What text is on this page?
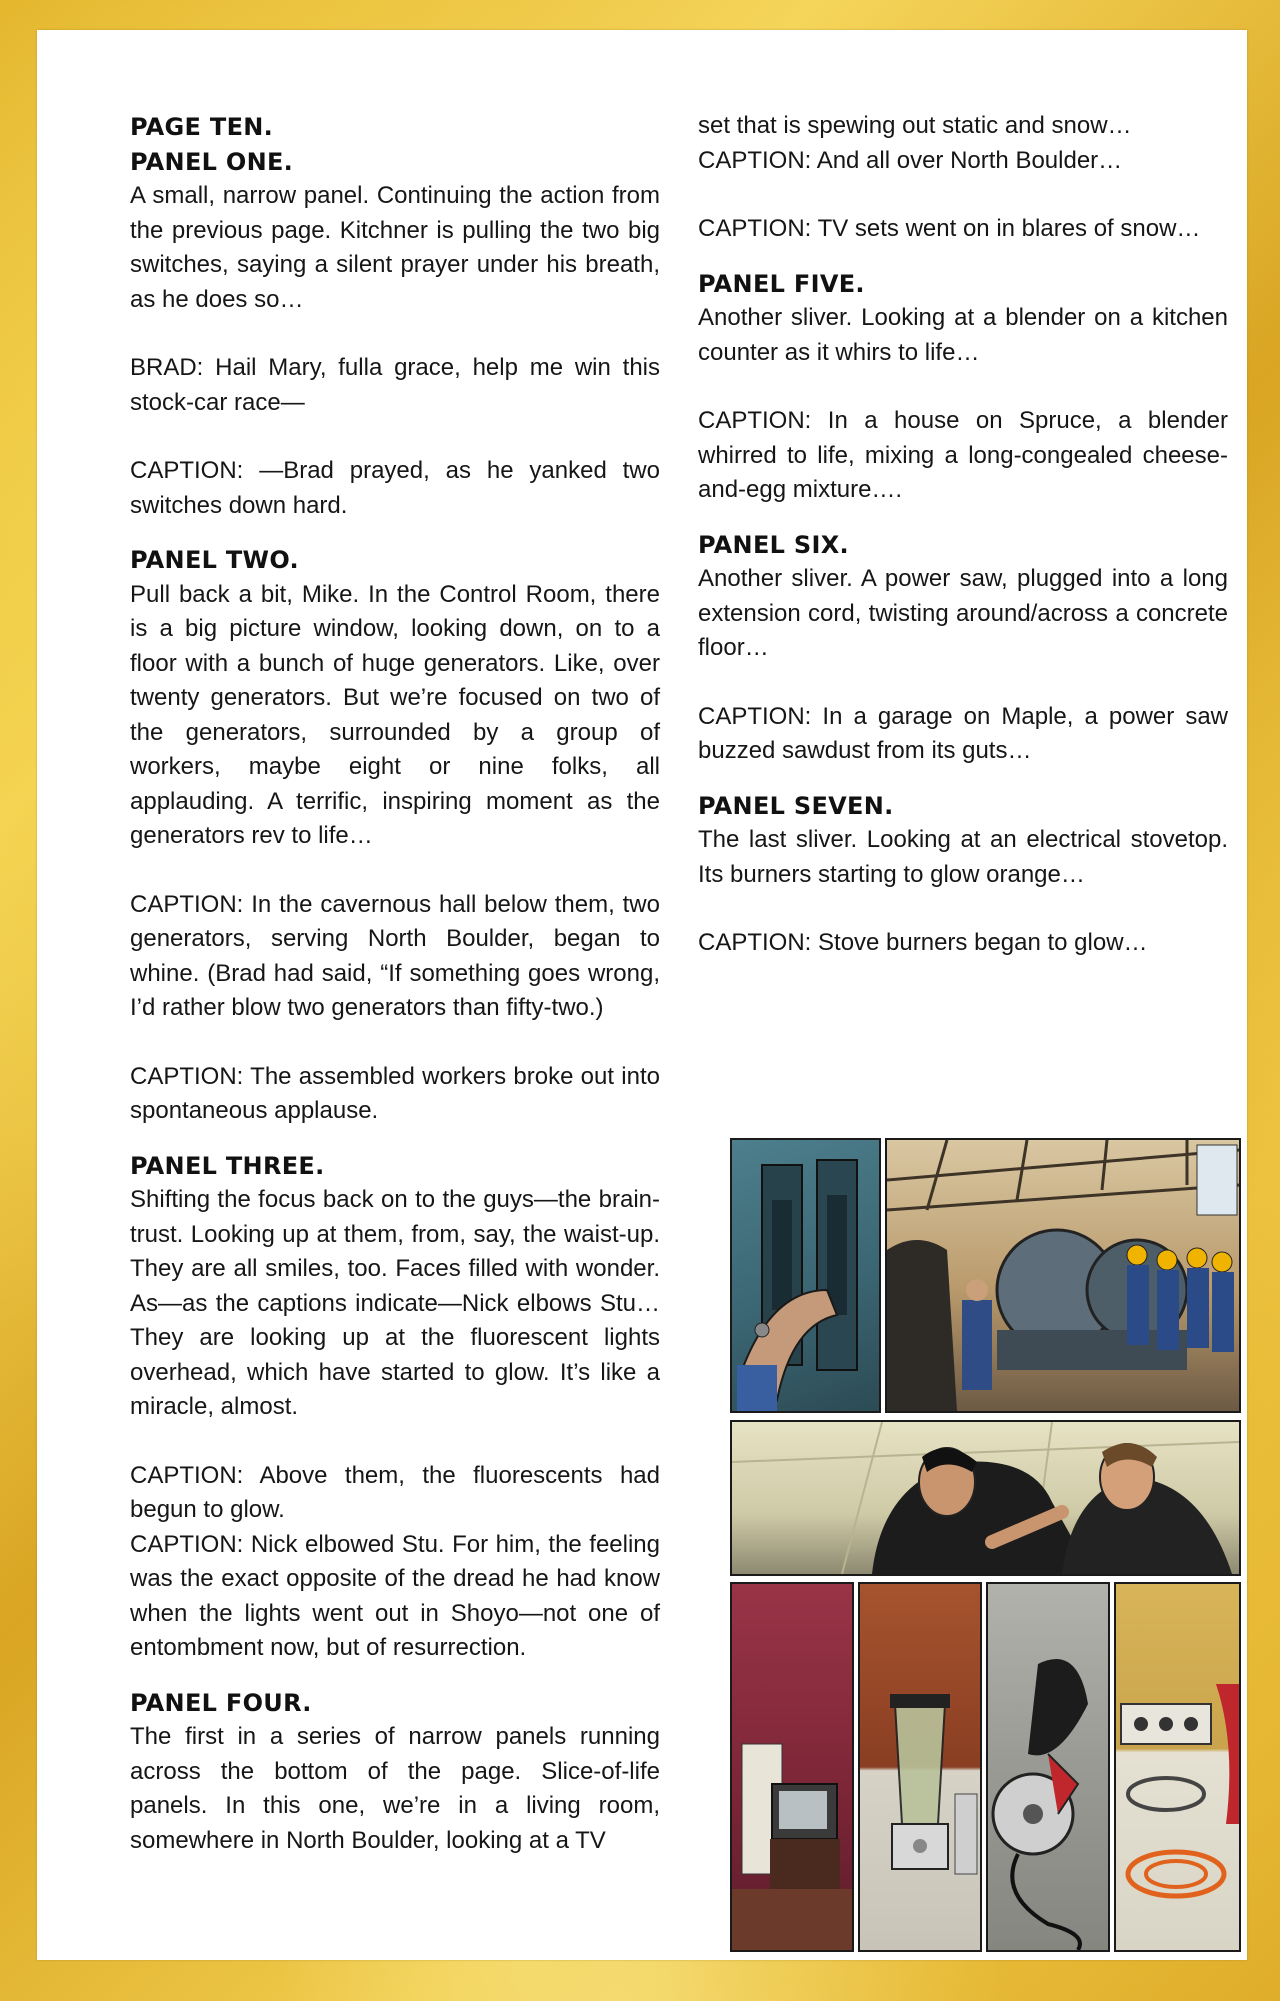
PAGE TEN.
PANEL ONE.

A small, narrow panel. Continuing the action from the previous page. Kitchner is pulling the two big switches, saying a silent prayer under his breath, as he does so…

BRAD: Hail Mary, fulla grace, help me win this stock-car race—

CAPTION: —Brad prayed, as he yanked two switches down hard.

PANEL TWO.

Pull back a bit, Mike. In the Control Room, there is a big picture window, looking down, on to a floor with a bunch of huge generators. Like, over twenty generators. But we’re focused on two of the generators, surrounded by a group of workers, maybe eight or nine folks, all applauding. A terrific, inspiring moment as the generators rev to life…

CAPTION: In the cavernous hall below them, two generators, serving North Boulder, began to whine. (Brad had said, “If something goes wrong, I’d rather blow two generators than fifty-two.)

CAPTION: The assembled workers broke out into spontaneous applause.

PANEL THREE.

Shifting the focus back on to the guys—the brain-trust. Looking up at them, from, say, the waist-up. They are all smiles, too. Faces filled with wonder. As—as the captions indicate—Nick elbows Stu… They are looking up at the fluorescent lights overhead, which have started to glow. It’s like a miracle, almost.

CAPTION: Above them, the fluorescents had begun to glow.

CAPTION: Nick elbowed Stu. For him, the feeling was the exact opposite of the dread he had know when the lights went out in Shoyo—not one of entombment now, but of resurrection.

PANEL FOUR.

The first in a series of narrow panels running across the bottom of the page. Slice-of-life panels. In this one, we’re in a living room, somewhere in North Boulder, looking at a TV

set that is spewing out static and snow…

CAPTION: And all over North Boulder…

CAPTION: TV sets went on in blares of snow…

PANEL FIVE.

Another sliver. Looking at a blender on a kitchen counter as it whirs to life…

CAPTION: In a house on Spruce, a blender whirred to life, mixing a long-congealed cheese-and-egg mixture….

PANEL SIX.

Another sliver. A power saw, plugged into a long extension cord, twisting around/across a concrete floor…

CAPTION: In a garage on Maple, a power saw buzzed sawdust from its guts…

PANEL SEVEN.

The last sliver. Looking at an electrical stovetop. Its burners starting to glow orange…

CAPTION: Stove burners began to glow…
